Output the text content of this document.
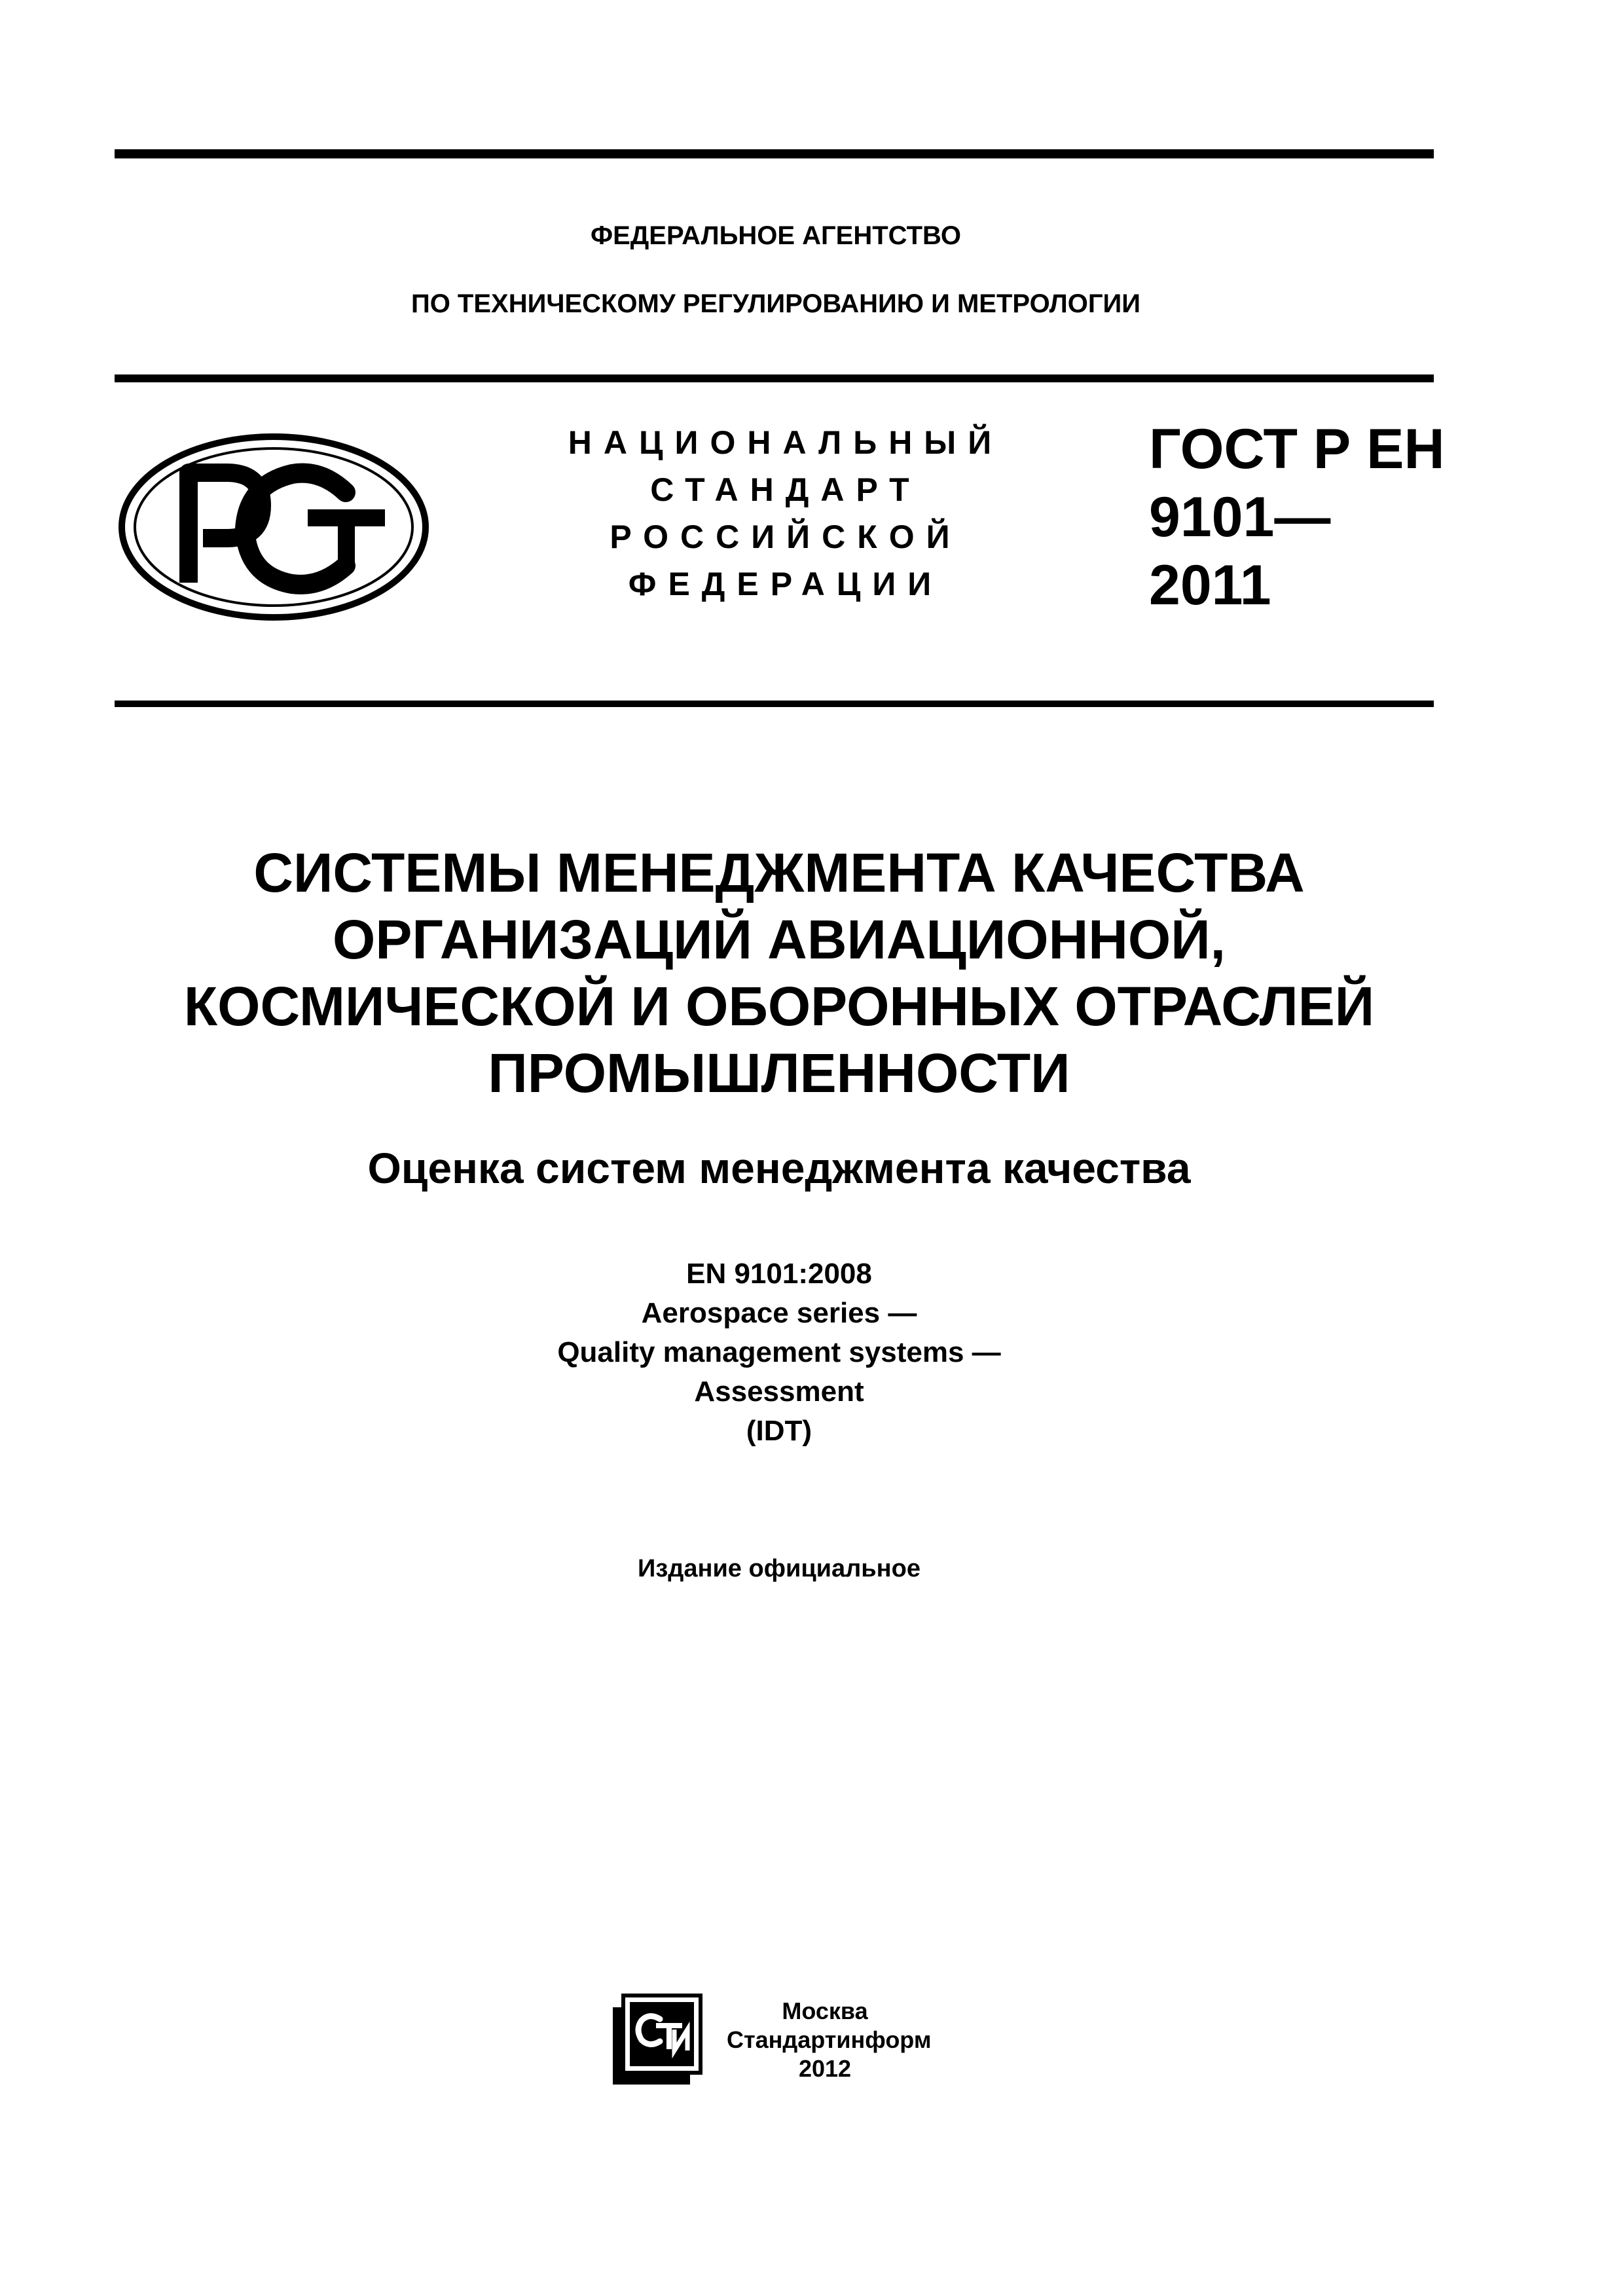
ФЕДЕРАЛЬНОЕ АГЕНТСТВО
ПО ТЕХНИЧЕСКОМУ РЕГУЛИРОВАНИЮ И МЕТРОЛОГИИ
НАЦИОНАЛЬНЫЙ
СТАНДАРТ
РОССИЙСКОЙ
ФЕДЕРАЦИИ
ГОСТ Р ЕН
9101—
2011
СИСТЕМЫ МЕНЕДЖМЕНТА КАЧЕСТВА
ОРГАНИЗАЦИЙ АВИАЦИОННОЙ,
КОСМИЧЕСКОЙ И ОБОРОННЫХ ОТРАСЛЕЙ
ПРОМЫШЛЕННОСТИ
Оценка систем менеджмента качества
EN 9101:2008
Aerospace series —
Quality management systems —
Assessment
(IDT)
Издание официальное
Москва
Стандартинформ
2012
